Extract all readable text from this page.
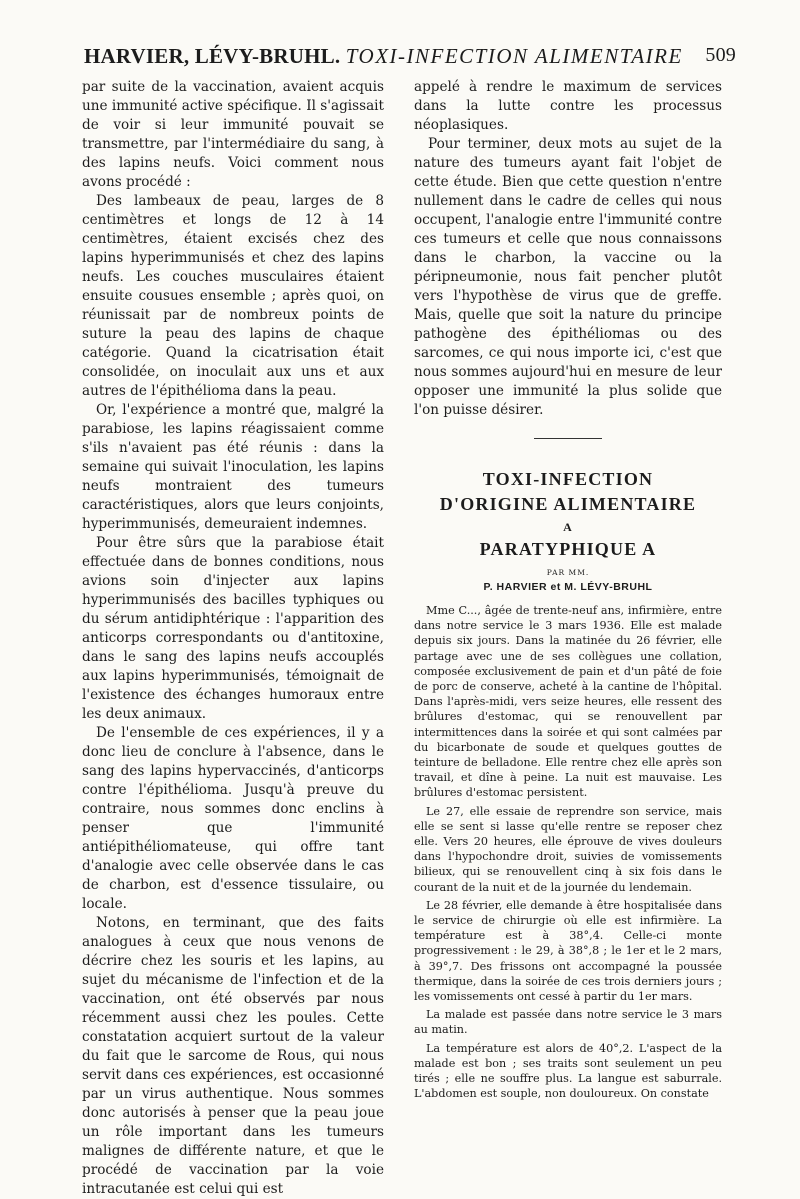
HARVIER, LÉVY-BRUHL. TOXI-INFECTION ALIMENTAIRE 509

par suite de la vaccination, avaient acquis une immunité active spécifique. Il s'agissait de voir si leur immunité pouvait se transmettre, par l'intermédiaire du sang, à des lapins neufs. Voici comment nous avons procédé :

Des lambeaux de peau, larges de 8 centimètres et longs de 12 à 14 centimètres, étaient excisés chez des lapins hyperimmunisés et chez des lapins neufs. Les couches musculaires étaient ensuite cousues ensemble ; après quoi, on réunissait par de nombreux points de suture la peau des lapins de chaque catégorie. Quand la cicatrisation était consolidée, on inoculait aux uns et aux autres de l'épithélioma dans la peau.

Or, l'expérience a montré que, malgré la parabiose, les lapins réagissaient comme s'ils n'avaient pas été réunis : dans la semaine qui suivait l'inoculation, les lapins neufs montraient des tumeurs caractéristiques, alors que leurs conjoints, hyperimmunisés, demeuraient indemnes.

Pour être sûrs que la parabiose était effectuée dans de bonnes conditions, nous avions soin d'injecter aux lapins hyperimmunisés des bacilles typhiques ou du sérum antidiphtérique : l'apparition des anticorps correspondants ou d'antitoxine, dans le sang des lapins neufs accouplés aux lapins hyperimmunisés, témoignait de l'existence des échanges humoraux entre les deux animaux.

De l'ensemble de ces expériences, il y a donc lieu de conclure à l'absence, dans le sang des lapins hypervaccinés, d'anticorps contre l'épithélioma. Jusqu'à preuve du contraire, nous sommes donc enclins à penser que l'immunité antiépithéliomateuse, qui offre tant d'analogie avec celle observée dans le cas de charbon, est d'essence tissulaire, ou locale.

Notons, en terminant, que des faits analogues à ceux que nous venons de décrire chez les souris et les lapins, au sujet du mécanisme de l'infection et de la vaccination, ont été observés par nous récemment aussi chez les poules. Cette constatation acquiert surtout de la valeur du fait que le sarcome de Rous, qui nous servit dans ces expériences, est occasionné par un virus authentique. Nous sommes donc autorisés à penser que la peau joue un rôle important dans les tumeurs malignes de différente nature, et que le procédé de vaccination par la voie intracutanée est celui qui est

appelé à rendre le maximum de services dans la lutte contre les processus néoplasiques.

Pour terminer, deux mots au sujet de la nature des tumeurs ayant fait l'objet de cette étude. Bien que cette question n'entre nullement dans le cadre de celles qui nous occupent, l'analogie entre l'immunité contre ces tumeurs et celle que nous connaissons dans le charbon, la vaccine ou la péripneumonie, nous fait pencher plutôt vers l'hypothèse de virus que de greffe. Mais, quelle que soit la nature du principe pathogène des épithéliomas ou des sarcomes, ce qui nous importe ici, c'est que nous sommes aujourd'hui en mesure de leur opposer une immunité la plus solide que l'on puisse désirer.

TOXI-INFECTION
D'ORIGINE ALIMENTAIRE
A
PARATYPHIQUE A
PAR MM.
P. HARVIER et M. LÉVY-BRUHL

Mme C..., âgée de trente-neuf ans, infirmière, entre dans notre service le 3 mars 1936. Elle est malade depuis six jours. Dans la matinée du 26 février, elle partage avec une de ses collègues une collation, composée exclusivement de pain et d'un pâté de foie de porc de conserve, acheté à la cantine de l'hôpital. Dans l'après-midi, vers seize heures, elle ressent des brûlures d'estomac, qui se renouvellent par intermittences dans la soirée et qui sont calmées par du bicarbonate de soude et quelques gouttes de teinture de belladone. Elle rentre chez elle après son travail, et dîne à peine. La nuit est mauvaise. Les brûlures d'estomac persistent.

Le 27, elle essaie de reprendre son service, mais elle se sent si lasse qu'elle rentre se reposer chez elle. Vers 20 heures, elle éprouve de vives douleurs dans l'hypochondre droit, suivies de vomissements bilieux, qui se renouvellent cinq à six fois dans le courant de la nuit et de la journée du lendemain.

Le 28 février, elle demande à être hospitalisée dans le service de chirurgie où elle est infirmière. La température est à 38°,4. Celle-ci monte progressivement : le 29, à 38°,8 ; le 1er et le 2 mars, à 39°,7. Des frissons ont accompagné la poussée thermique, dans la soirée de ces trois derniers jours ; les vomissements ont cessé à partir du 1er mars.

La malade est passée dans notre service le 3 mars au matin.

La température est alors de 40°,2. L'aspect de la malade est bon ; ses traits sont seulement un peu tirés ; elle ne souffre plus. La langue est saburrale. L'abdomen est souple, non douloureux. On constate
